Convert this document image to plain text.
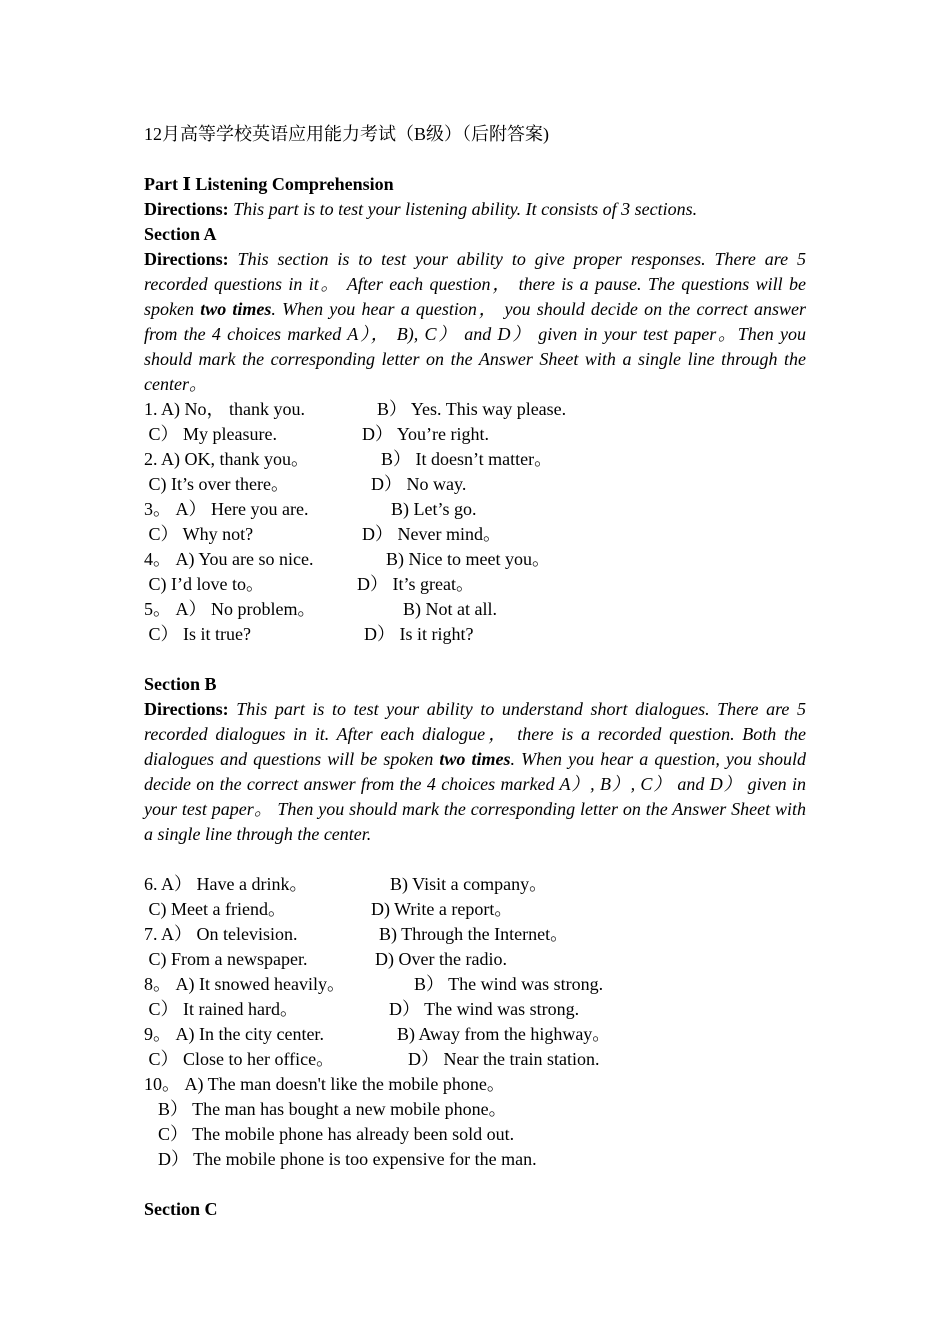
12月高等学校英语应用能力考试（B级）（后附答案)
Part Ⅰ Listening Comprehension
Directions: This part is to test your listening ability. It consists of 3 sections.
Section A
Directions: This section is to test your ability to give proper responses. There are 5 recorded questions in it。 After each question， there is a pause. The questions will be spoken two times. When you hear a question， you should decide on the correct answer from the 4 choices marked A）， B), C） and D） given in your test paper。Then you should mark the corresponding letter on the Answer Sheet with a single line through the center。
1. A) No， thank you.	B） Yes. This way please.
C） My pleasure.	D） You’re right.
2. A) OK, thank you。	B） It doesn’t matter。
C) It’s over there。	D） No way.
3。 A） Here you are.	B) Let’s go.
C） Why not?	D） Never mind。
4。 A) You are so nice.	B) Nice to meet you。
C) I’d love to。	D） It’s great。
5。 A） No problem。	B) Not at all.
C） Is it true?	D） Is it right?
Section B
Directions: This part is to test your ability to understand short dialogues. There are 5 recorded dialogues in it. After each dialogue， there is a recorded question. Both the dialogues and questions will be spoken two times. When you hear a question, you should decide on the correct answer from the 4 choices marked A）, B）, C） and D） given in your test paper。 Then you should mark the corresponding letter on the Answer Sheet with a single line through the center.
6. A） Have a drink。	B) Visit a company。
C) Meet a friend。	D) Write a report。
7. A） On television.	B) Through the Internet。
C) From a newspaper.	D) Over the radio.
8。 A) It snowed heavily。	B） The wind was strong.
C） It rained hard。	D） The wind was strong.
9。 A) In the city center.	B) Away from the highway。
C） Close to her office。	D） Near the train station.
10。 A) The man doesn't like the mobile phone。
B） The man has bought a new mobile phone。
C） The mobile phone has already been sold out.
D） The mobile phone is too expensive for the man.
Section C
